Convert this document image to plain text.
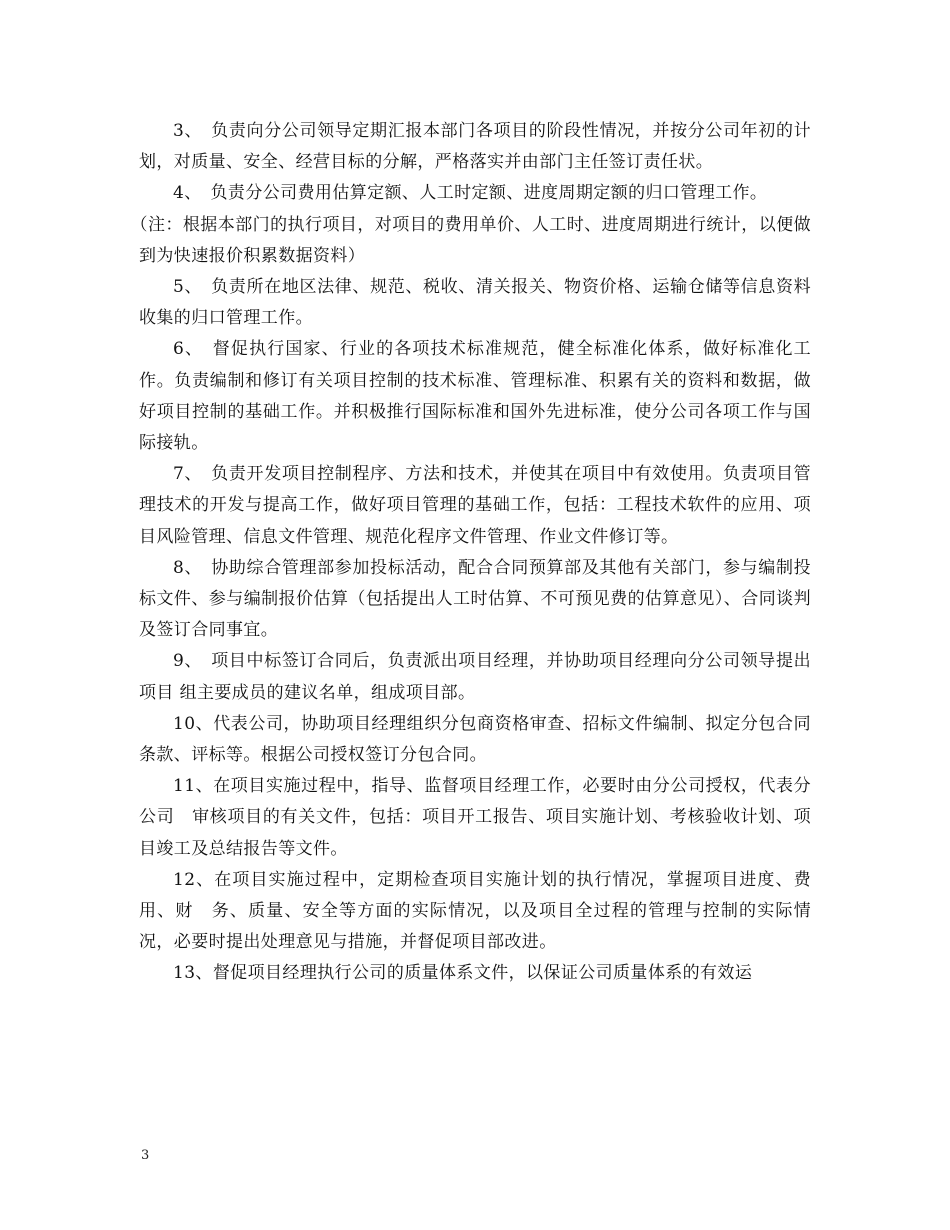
3、　负责向分公司领导定期汇报本部门各项目的阶段性情况，并按分公司年初的计划，对质量、安全、经营目标的分解，严格落实并由部门主任签订责任状。

4、　负责分公司费用估算定额、人工时定额、进度周期定额的归口管理工作。

（注：根据本部门的执行项目，对项目的费用单价、人工时、进度周期进行统计，以便做到为快速报价积累数据资料）

5、　负责所在地区法律、规范、税收、清关报关、物资价格、运输仓储等信息资料收集的归口管理工作。

6、　督促执行国家、行业的各项技术标准规范，健全标准化体系，做好标准化工作。负责编制和修订有关项目控制的技术标准、管理标准、积累有关的资料和数据，做好项目控制的基础工作。并积极推行国际标准和国外先进标准，使分公司各项工作与国际接轨。

7、　负责开发项目控制程序、方法和技术，并使其在项目中有效使用。负责项目管理技术的开发与提高工作，做好项目管理的基础工作，包括：工程技术软件的应用、项目风险管理、信息文件管理、规范化程序文件管理、作业文件修订等。

8、　协助综合管理部参加投标活动，配合合同预算部及其他有关部门，参与编制投标文件、参与编制报价估算（包括提出人工时估算、不可预见费的估算意见）、合同谈判及签订合同事宜。

9、　项目中标签订合同后，负责派出项目经理，并协助项目经理向分公司领导提出项目 组主要成员的建议名单，组成项目部。

10、代表公司，协助项目经理组织分包商资格审查、招标文件编制、拟定分包合同条款、评标等。根据公司授权签订分包合同。

11、在项目实施过程中，指导、监督项目经理工作，必要时由分公司授权，代表分公司　审核项目的有关文件，包括：项目开工报告、项目实施计划、考核验收计划、项目竣工及总结报告等文件。

12、在项目实施过程中，定期检查项目实施计划的执行情况，掌握项目进度、费用、财　务、质量、安全等方面的实际情况，以及项目全过程的管理与控制的实际情况，必要时提出处理意见与措施，并督促项目部改进。

13、督促项目经理执行公司的质量体系文件，以保证公司质量体系的有效运

3
